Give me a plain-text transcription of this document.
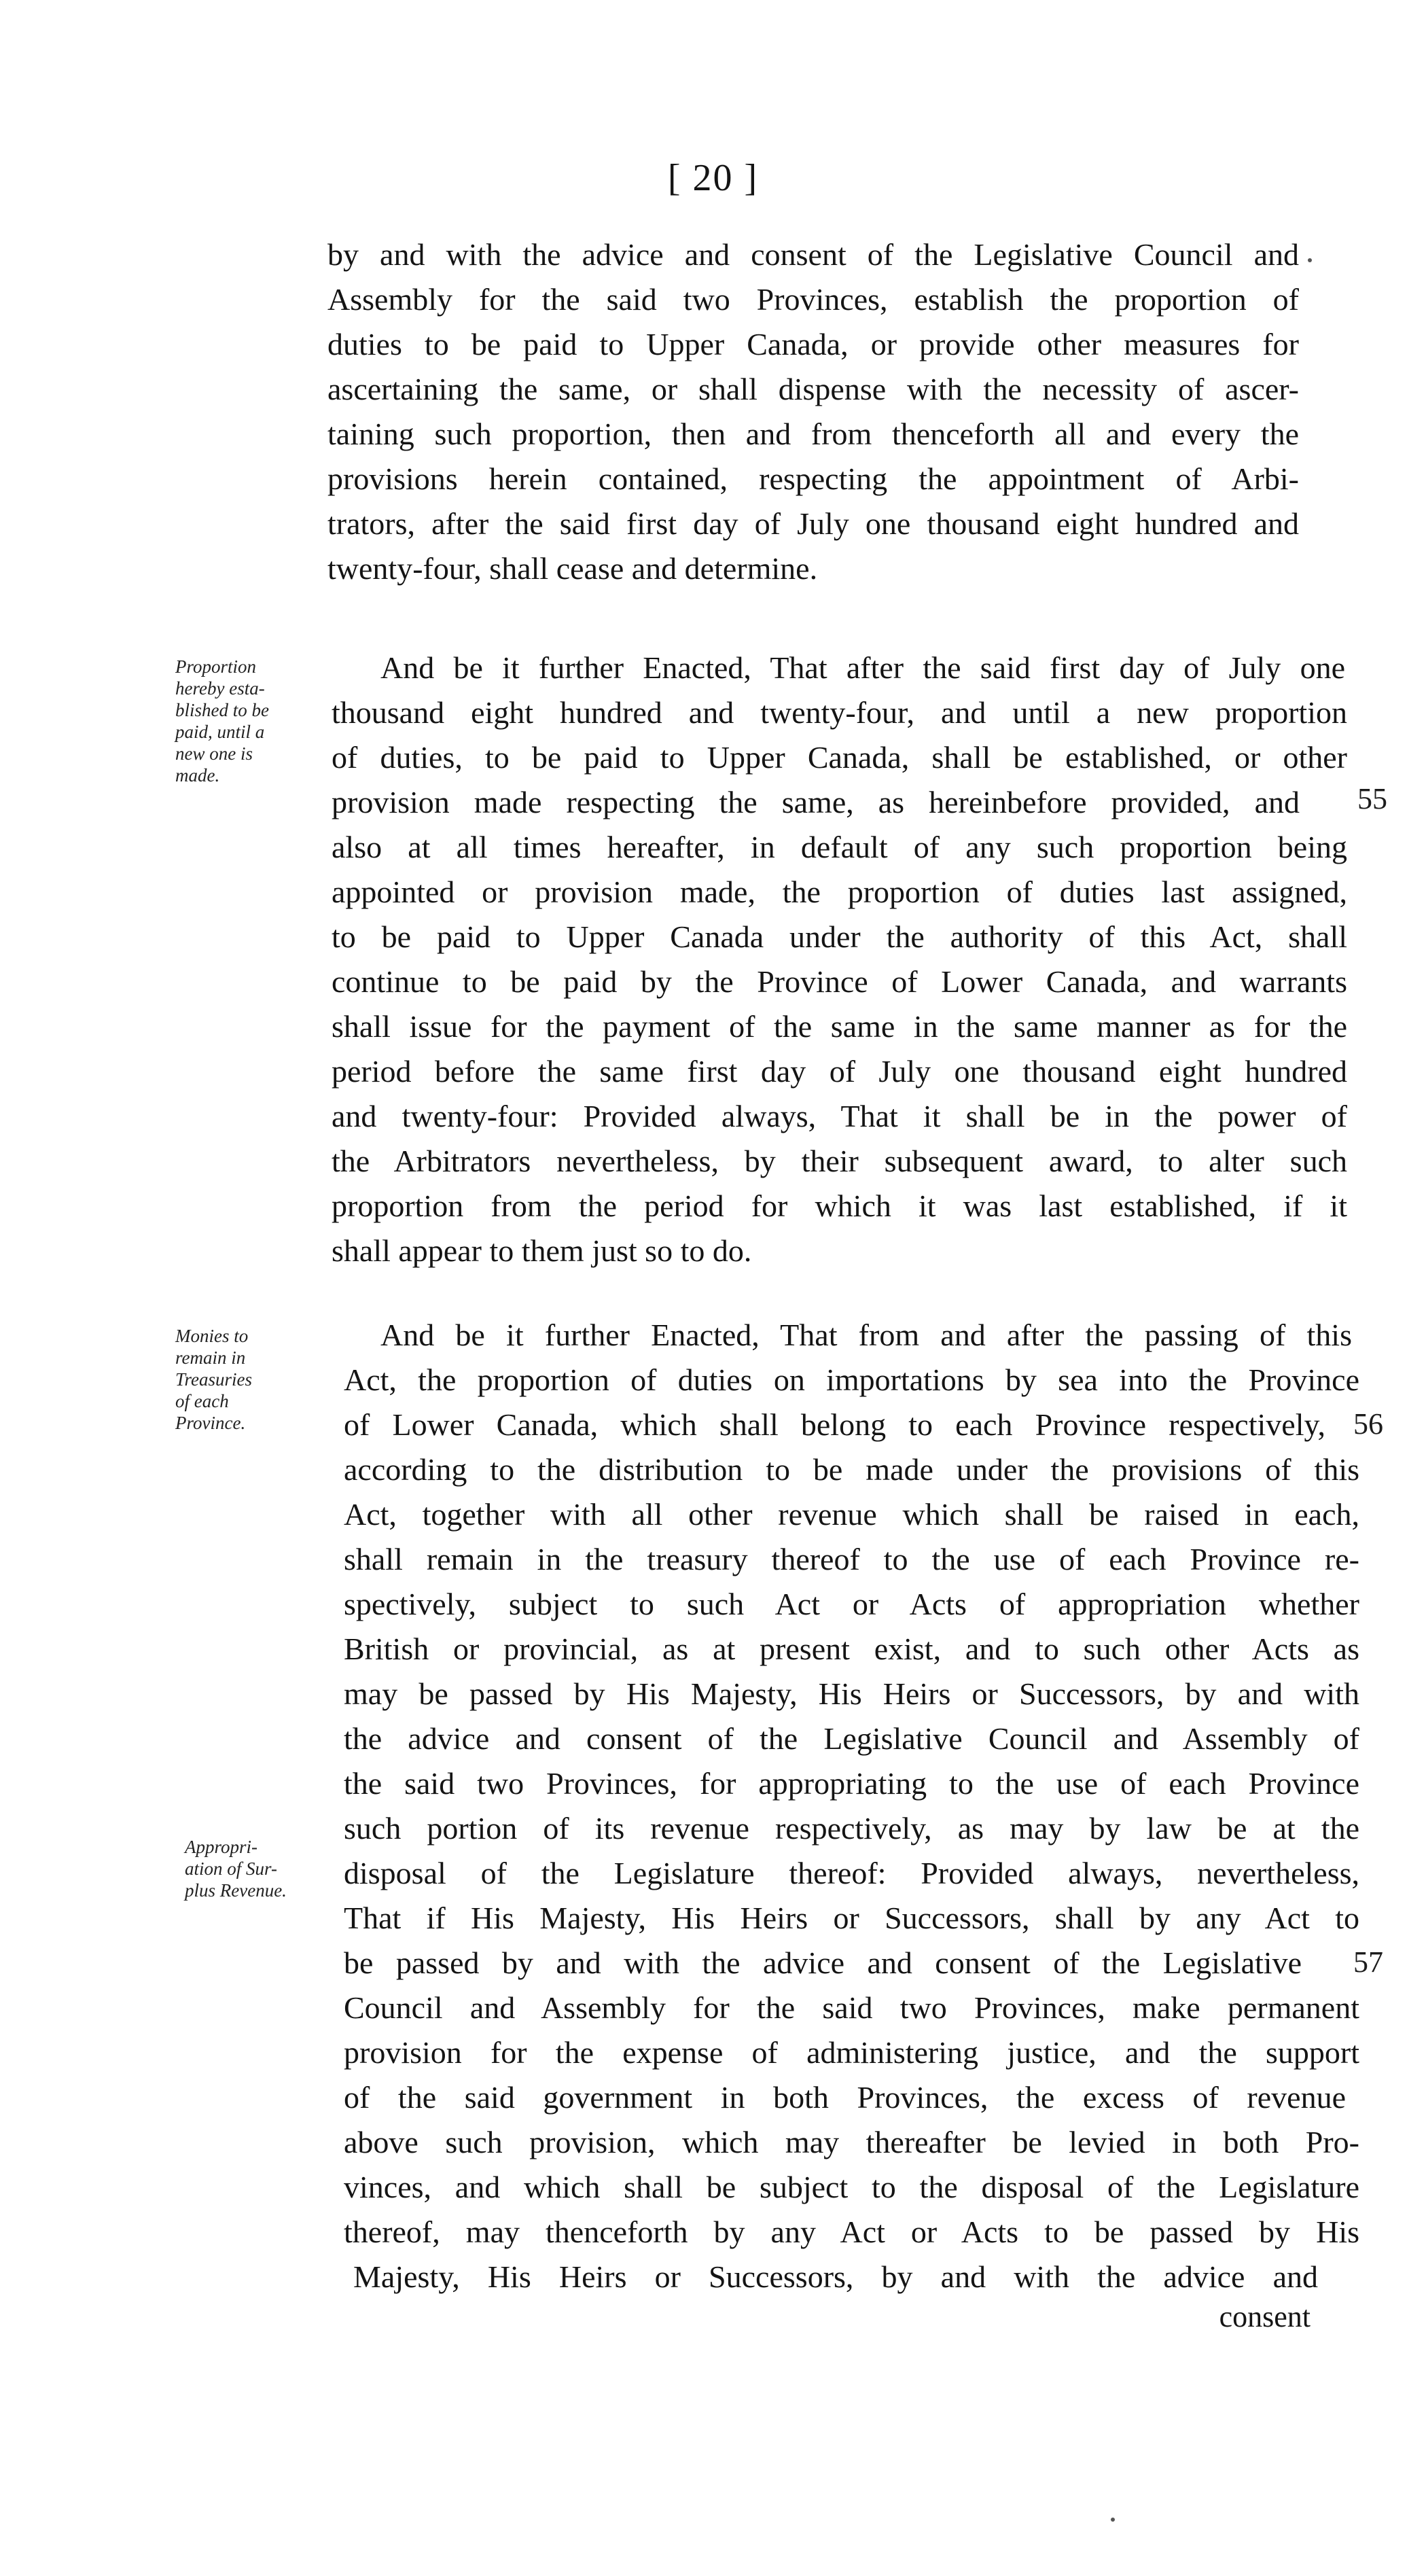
[ 20 ]
by and with the advice and consent of the Legislative Council and
Assembly for the said two Provinces, establish the proportion of
duties to be paid to Upper Canada, or provide other measures for
ascertaining the same, or shall dispense with the necessity of ascer-
taining such proportion, then and from thenceforth all and every the
provisions herein contained, respecting the appointment of Arbi-
trators, after the said first day of July one thousand eight hundred and
twenty-four, shall cease and determine.
Proportion
hereby esta-
blished to be
paid, until a
new one is
made.
And be it further Enacted, That after the said first day of July one
thousand eight hundred and twenty-four, and until a new proportion
of duties, to be paid to Upper Canada, shall be established, or other
provision made respecting the same, as hereinbefore provided, and
also at all times hereafter, in default of any such proportion being
appointed or provision made, the proportion of duties last assigned,
to be paid to Upper Canada under the authority of this Act, shall
continue to be paid by the Province of Lower Canada, and warrants
shall issue for the payment of the same in the same manner as for the
period before the same first day of July one thousand eight hundred
and twenty-four: Provided always, That it shall be in the power of
the Arbitrators nevertheless, by their subsequent award, to alter such
proportion from the period for which it was last established, if it
shall appear to them just so to do.
55
Monies to
remain in
Treasuries
of each
Province.
Appropri-
ation of Sur-
plus Revenue.
And be it further Enacted, That from and after the passing of this
Act, the proportion of duties on importations by sea into the Province
of Lower Canada, which shall belong to each Province respectively,
according to the distribution to be made under the provisions of this
Act, together with all other revenue which shall be raised in each,
shall remain in the treasury thereof to the use of each Province re-
spectively, subject to such Act or Acts of appropriation whether
British or provincial, as at present exist, and to such other Acts as
may be passed by His Majesty, His Heirs or Successors, by and with
the advice and consent of the Legislative Council and Assembly of
the said two Provinces, for appropriating to the use of each Province
such portion of its revenue respectively, as may by law be at the
disposal of the Legislature thereof: Provided always, nevertheless,
That if His Majesty, His Heirs or Successors, shall by any Act to
be passed by and with the advice and consent of the Legislative
Council and Assembly for the said two Provinces, make permanent
provision for the expense of administering justice, and the support
of the said government in both Provinces, the excess of revenue
above such provision, which may thereafter be levied in both Pro-
vinces, and which shall be subject to the disposal of the Legislature
thereof, may thenceforth by any Act or Acts to be passed by His
Majesty, His Heirs or Successors, by and with the advice and
56
57
consent
